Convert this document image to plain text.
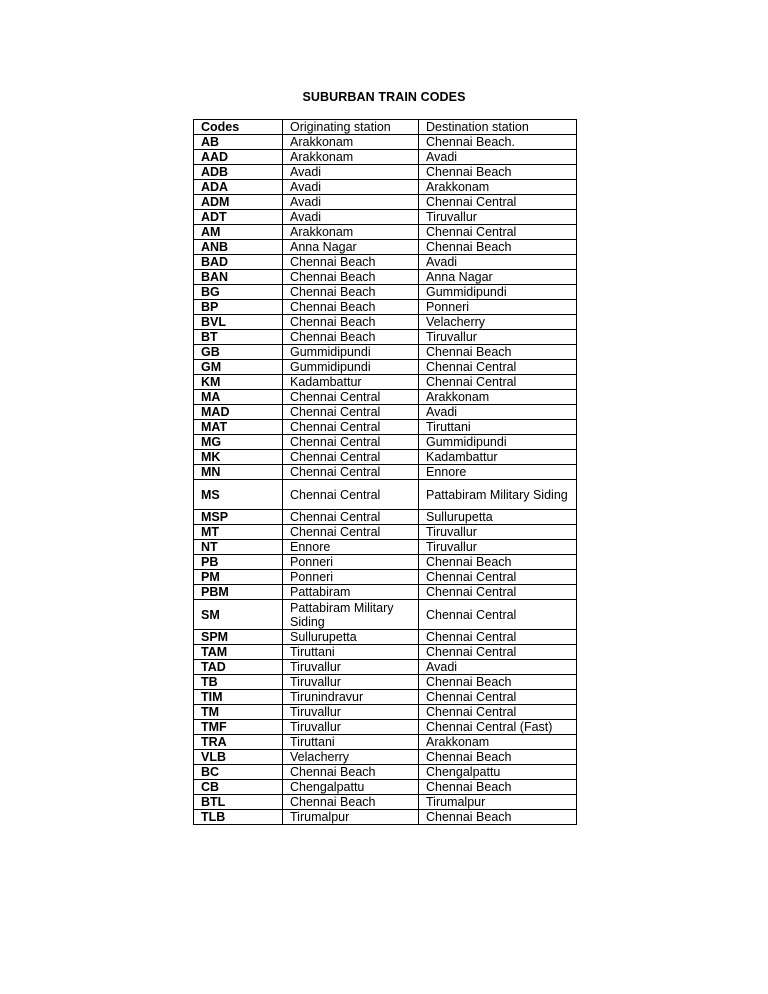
SUBURBAN TRAIN CODES
Codes	Originating station	Destination station
AB	Arakkonam	Chennai Beach.
AAD	Arakkonam	Avadi
ADB	Avadi	Chennai Beach
ADA	Avadi	Arakkonam
ADM	Avadi	Chennai Central
ADT	Avadi	Tiruvallur
AM	Arakkonam	Chennai Central
ANB	Anna Nagar	Chennai Beach
BAD	Chennai Beach	Avadi
BAN	Chennai Beach	Anna Nagar
BG	Chennai Beach	Gummidipundi
BP	Chennai Beach	Ponneri
BVL	Chennai Beach	Velacherry
BT	Chennai Beach	Tiruvallur
GB	Gummidipundi	Chennai Beach
GM	Gummidipundi	Chennai Central
KM	Kadambattur	Chennai Central
MA	Chennai Central	Arakkonam
MAD	Chennai Central	Avadi
MAT	Chennai Central	Tiruttani
MG	Chennai Central	Gummidipundi
MK	Chennai Central	Kadambattur
MN	Chennai Central	Ennore
MS	Chennai Central	Pattabiram Military Siding
MSP	Chennai Central	Sullurupetta
MT	Chennai Central	Tiruvallur
NT	Ennore	Tiruvallur
PB	Ponneri	Chennai Beach
PM	Ponneri	Chennai Central
PBM	Pattabiram	Chennai Central
SM	Pattabiram Military Siding	Chennai Central
SPM	Sullurupetta	Chennai Central
TAM	Tiruttani	Chennai Central
TAD	Tiruvallur	Avadi
TB	Tiruvallur	Chennai Beach
TIM	Tirunindravur	Chennai Central
TM	Tiruvallur	Chennai Central
TMF	Tiruvallur	Chennai Central (Fast)
TRA	Tiruttani	Arakkonam
VLB	Velacherry	Chennai Beach
BC	Chennai Beach	Chengalpattu
CB	Chengalpattu	Chennai Beach
BTL	Chennai Beach	Tirumalpur
TLB	Tirumalpur	Chennai Beach
